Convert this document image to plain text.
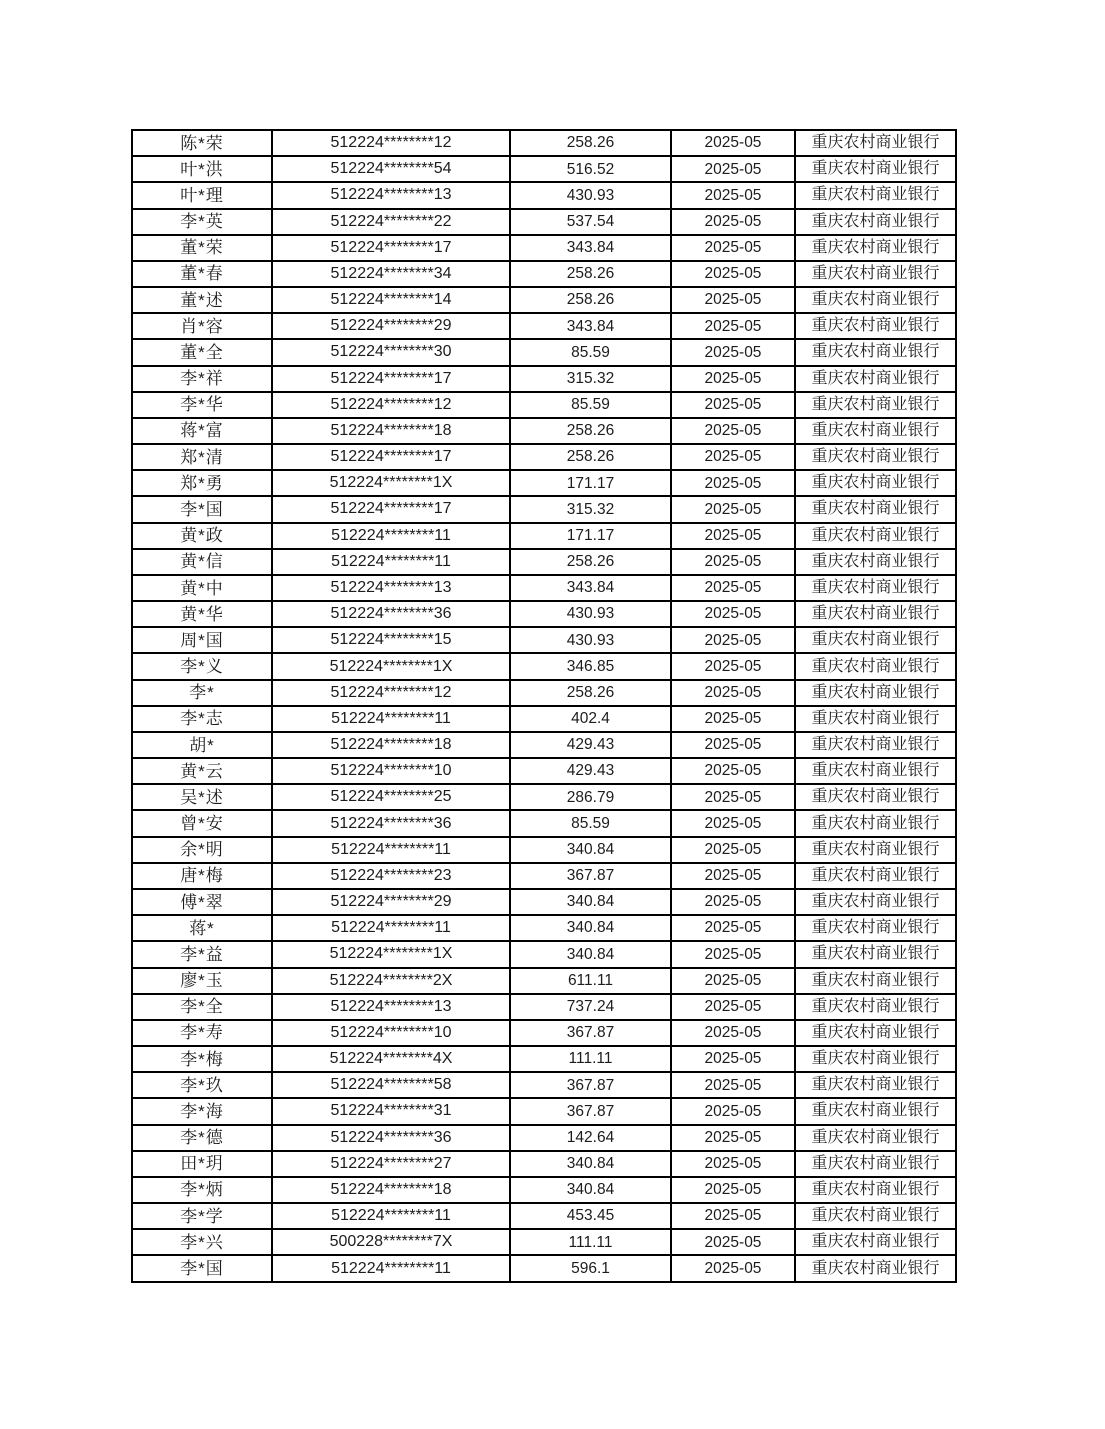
陈*荣	512224********12	258.26	2025-05	重庆农村商业银行
叶*洪	512224********54	516.52	2025-05	重庆农村商业银行
叶*理	512224********13	430.93	2025-05	重庆农村商业银行
李*英	512224********22	537.54	2025-05	重庆农村商业银行
董*荣	512224********17	343.84	2025-05	重庆农村商业银行
董*春	512224********34	258.26	2025-05	重庆农村商业银行
董*述	512224********14	258.26	2025-05	重庆农村商业银行
肖*容	512224********29	343.84	2025-05	重庆农村商业银行
董*全	512224********30	85.59	2025-05	重庆农村商业银行
李*祥	512224********17	315.32	2025-05	重庆农村商业银行
李*华	512224********12	85.59	2025-05	重庆农村商业银行
蒋*富	512224********18	258.26	2025-05	重庆农村商业银行
郑*清	512224********17	258.26	2025-05	重庆农村商业银行
郑*勇	512224********1X	171.17	2025-05	重庆农村商业银行
李*国	512224********17	315.32	2025-05	重庆农村商业银行
黄*政	512224********11	171.17	2025-05	重庆农村商业银行
黄*信	512224********11	258.26	2025-05	重庆农村商业银行
黄*中	512224********13	343.84	2025-05	重庆农村商业银行
黄*华	512224********36	430.93	2025-05	重庆农村商业银行
周*国	512224********15	430.93	2025-05	重庆农村商业银行
李*义	512224********1X	346.85	2025-05	重庆农村商业银行
李*	512224********12	258.26	2025-05	重庆农村商业银行
李*志	512224********11	402.4	2025-05	重庆农村商业银行
胡*	512224********18	429.43	2025-05	重庆农村商业银行
黄*云	512224********10	429.43	2025-05	重庆农村商业银行
吴*述	512224********25	286.79	2025-05	重庆农村商业银行
曾*安	512224********36	85.59	2025-05	重庆农村商业银行
余*明	512224********11	340.84	2025-05	重庆农村商业银行
唐*梅	512224********23	367.87	2025-05	重庆农村商业银行
傅*翠	512224********29	340.84	2025-05	重庆农村商业银行
蒋*	512224********11	340.84	2025-05	重庆农村商业银行
李*益	512224********1X	340.84	2025-05	重庆农村商业银行
廖*玉	512224********2X	611.11	2025-05	重庆农村商业银行
李*全	512224********13	737.24	2025-05	重庆农村商业银行
李*寿	512224********10	367.87	2025-05	重庆农村商业银行
李*梅	512224********4X	111.11	2025-05	重庆农村商业银行
李*玖	512224********58	367.87	2025-05	重庆农村商业银行
李*海	512224********31	367.87	2025-05	重庆农村商业银行
李*德	512224********36	142.64	2025-05	重庆农村商业银行
田*玥	512224********27	340.84	2025-05	重庆农村商业银行
李*炳	512224********18	340.84	2025-05	重庆农村商业银行
李*学	512224********11	453.45	2025-05	重庆农村商业银行
李*兴	500228********7X	111.11	2025-05	重庆农村商业银行
李*国	512224********11	596.1	2025-05	重庆农村商业银行
